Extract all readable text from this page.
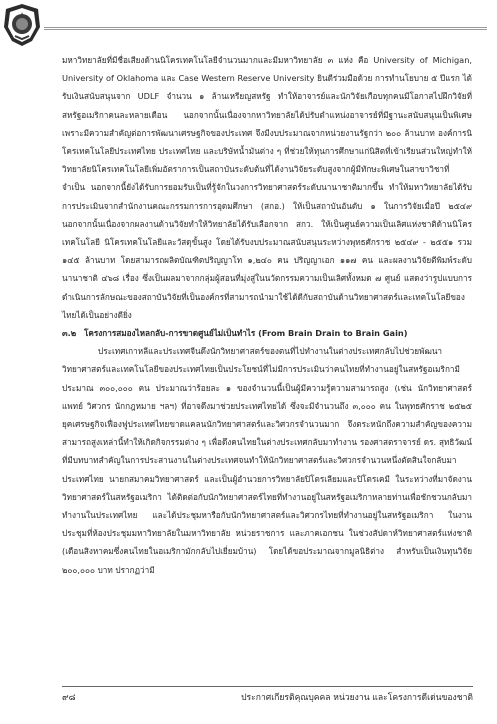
มหาวิทยาลัยที่มีชื่อเสียงด้านนิโครเทคโนโลยีจำนวนมากและมีมหาวิทยาลัย ๓ แห่ง คือ University of Michigan, University of Oklahoma และ Case Western Reserve University ยินดีร่วมมือด้วย การทำนโยบาย ๕ ปีแรก ได้รับเงินสนับสนุนจาก UDLF จำนวน ๑ ล้านเหรียญสหรัฐ ทำให้อาจารย์และนักวิจัยเกือบทุกคนมีโอกาสไปฝึกวิจัยที่สหรัฐอเมริกาคนละหลายเดือน นอกจากนั้นเนื่องจากหาวิทยาลัยได้ปรับตำแหน่งอาจารย์ที่มีฐานะสนับสนุนเป็นพิเศษ เพราะมีความสำคัญต่อการพัฒนาเศรษฐกิจของประเทศ จึงมีงบประมาณจากหน่วยงานรัฐกว่า ๒๐๐ ล้านบาท องค์การนิโครเทคโนโลยีประเทศไทย ประเทศไทย และบริษัทน้ำมันต่าง ๆ ที่ช่วยให้ทุนการศึกษาแก่นิสิตที่เข้าเรียนส่วนใหญ่ทำให้วิทยาลัยนิโครเทคโนโลยีเพิ่มอัตราการเป็นสถาบันระดับต้นที่ได้งานวิจัยระดับสูงจากผู้มีทักษะพิเศษในสาขาวิชาที่จำเป็น นอกจากนี้ยังได้รับการยอมรับเป็นที่รู้จักในวงการวิทยาศาสตร์ระดับนานาชาติมากขึ้น ทำให้มหาวิทยาลัยได้รับการประเมินจากสำนักงานคณะกรรมการการอุดมศึกษา (สกอ.) ให้เป็นสถาบันอันดับ ๑ ในการวิจัยเมื่อปี ๒๕๔๙ นอกจากนั้นเนื่องจากผลงานด้านวิจัยทำให้วิทยาลัยได้รับเลือกจาก สกว. ให้เป็นศูนย์ความเป็นเลิศแห่งชาติด้านนิโครเทคโนโลยี นิโครเทคโนโลยีและวัสดุขั้นสูง โดยได้รับงบประมาณสนับสนุนระหว่างพุทธศักราช ๒๕๔๙ - ๒๕๕๑ รวม ๑๔๕ ล้านบาท โดยสามารถผลิตบัณฑิตปริญญาโท ๑,๒๔๐ คน ปริญญาเอก ๑๑๗ คน และผลงานวิจัยตีพิมพ์ระดับนานาชาติ ๔๖๘ เรื่อง ซึ่งเป็นผลมาจากกลุ่มผู้สอนที่มุ่งสู่ในนวัตกรรมความเป็นเลิศทั้งหมด ๗ ศูนย์ แสดงว่ารูปแบบการดำเนินการลักษณะของสถาบันวิจัยที่เป็นองค์กรที่สามารถนำมาใช้ได้ดีกับสถาบันด้านวิทยาศาสตร์และเทคโนโลยีของไทยได้เป็นอย่างดียิ่ง

๓.๒ โครงการสมองไหลกลับ-การขาดศูนย์ไม่เป็นทำไร (From Brain Drain to Brain Gain)

ประเทศเกาหลีและประเทศจีนดึงนักวิทยาศาสตร์ของตนที่ไปทำงานในต่างประเทศกลับไปช่วยพัฒนาวิทยาศาสตร์และเทคโนโลยีของประเทศไทยเป็นประโยชน์ที่ไม่มีการประเมินว่าคนไทยที่ทำงานอยู่ในสหรัฐอเมริกามีประมาณ ๓๐๐,๐๐๐ คน ประมาณว่าร้อยละ ๑ ของจำนวนนี้เป็นผู้มีความรู้ความสามารถสูง (เช่น นักวิทยาศาสตร์ แพทย์ วิศวกร นักกฎหมาย ฯลฯ) ที่อาจดึงมาช่วยประเทศไทยได้ ซึ่งจะมีจำนวนถึง ๓,๐๐๐ คน ในพุทธศักราช ๒๕๒๕ ยุคเศรษฐกิจเฟื่องฟูประเทศไทยขาดแคลนนักวิทยาศาสตร์และวิศวกรจำนวนมาก จึงตระหนักถึงความสำคัญของความสามารถสูงเหล่านี้ทำให้เกิดกิจกรรมต่าง ๆ เพื่อดึงคนไทยในต่างประเทศกลับมาทำงาน รองศาสตราจารย์ ดร. สุทธิวัฒน์ ที่มีบทบาทสำคัญในการประสานงานในต่างประเทศจนทำให้นักวิทยาศาสตร์และวิศวกรจำนวนหนึ่งตัดสินใจกลับมาประเทศไทย นายกสมาคมวิทยาศาสตร์ และเป็นผู้อำนวยการวิทยาลัยปิโตรเลียมและปิโตรเคมี ในระหว่างที่มาจัดงานวิทยาศาสตร์ในสหรัฐอเมริกา ได้ติดต่อกับนักวิทยาศาสตร์ไทยที่ทำงานอยู่ในสหรัฐอเมริกาหลายท่านเพื่อชักชวนกลับมาทำงานในประเทศไทย และได้ประชุมหารือกับนักวิทยาศาสตร์และวิศวกรไทยที่ทำงานอยู่ในสหรัฐอเมริกา ในงานประชุมที่ห้องประชุมมหาวิทยาลัยในมหาวิทยาลัย หน่วยราชการ และภาคเอกชน ในช่วงสัปดาห์วิทยาศาสตร์แห่งชาติ (เดือนสิงหาคมซึ่งคนไทยในอเมริกามักกลับไปเยี่ยมบ้าน) โดยได้ขอประมาณจากมูลนิธิต่าง สำหรับเป็นเงินทุนวิจัย ๒๐๐,๐๐๐ บาท ปรากฏว่ามี

๙๘	ประกาศเกียรติคุณบุคคล หน่วยงาน และโครงการดีเด่นของชาติ
